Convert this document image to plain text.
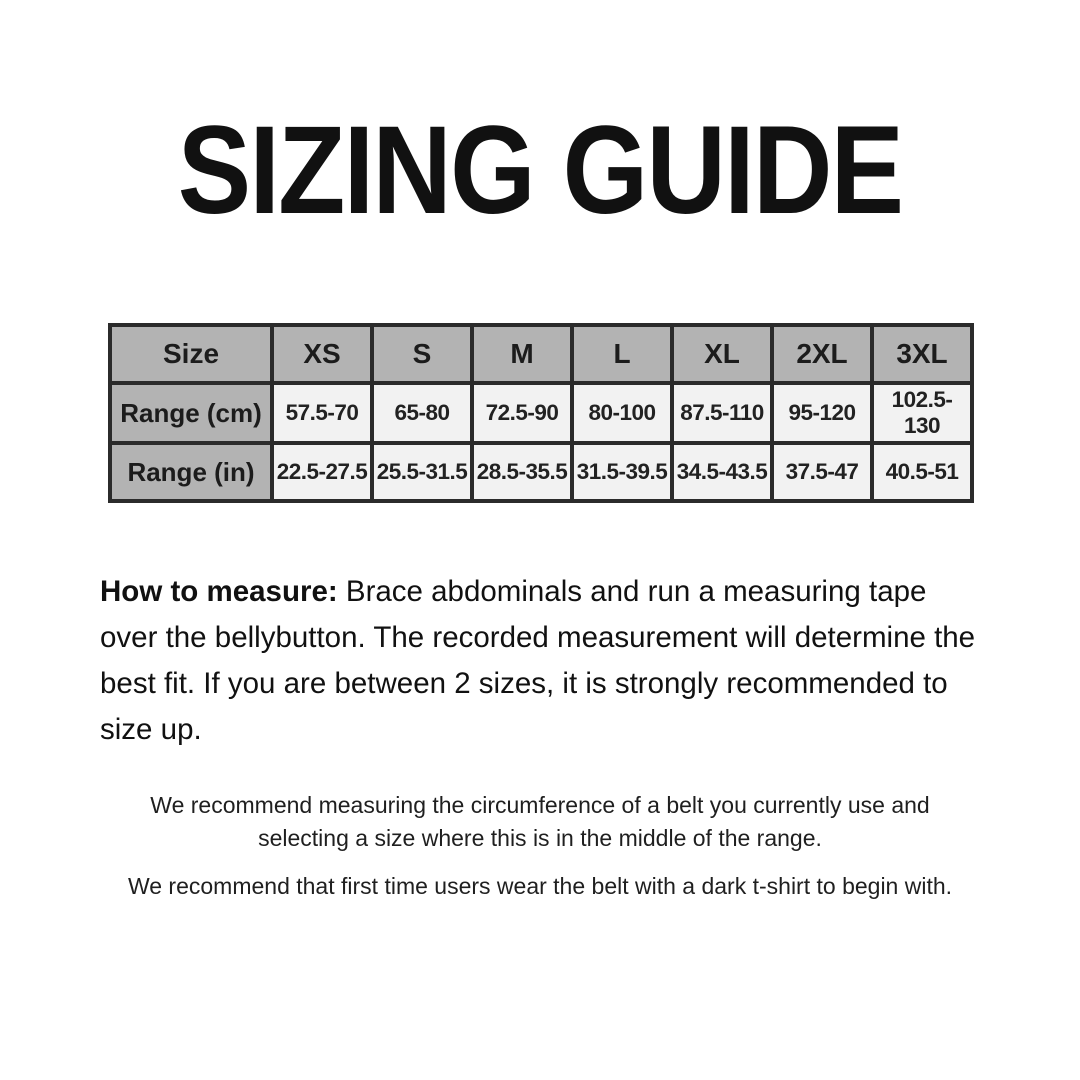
SIZING GUIDE
Size	XS	S	M	L	XL	2XL	3XL
Range (cm)	57.5-70	65-80	72.5-90	80-100	87.5-110	95-120	102.5-130
Range (in)	22.5-27.5	25.5-31.5	28.5-35.5	31.5-39.5	34.5-43.5	37.5-47	40.5-51

How to measure: Brace abdominals and run a measuring tape over the bellybutton. The recorded measurement will determine the best fit. If you are between 2 sizes, it is strongly recommended to size up.

We recommend measuring the circumference of a belt you currently use and selecting a size where this is in the middle of the range.

We recommend that first time users wear the belt with a dark t-shirt to begin with.
